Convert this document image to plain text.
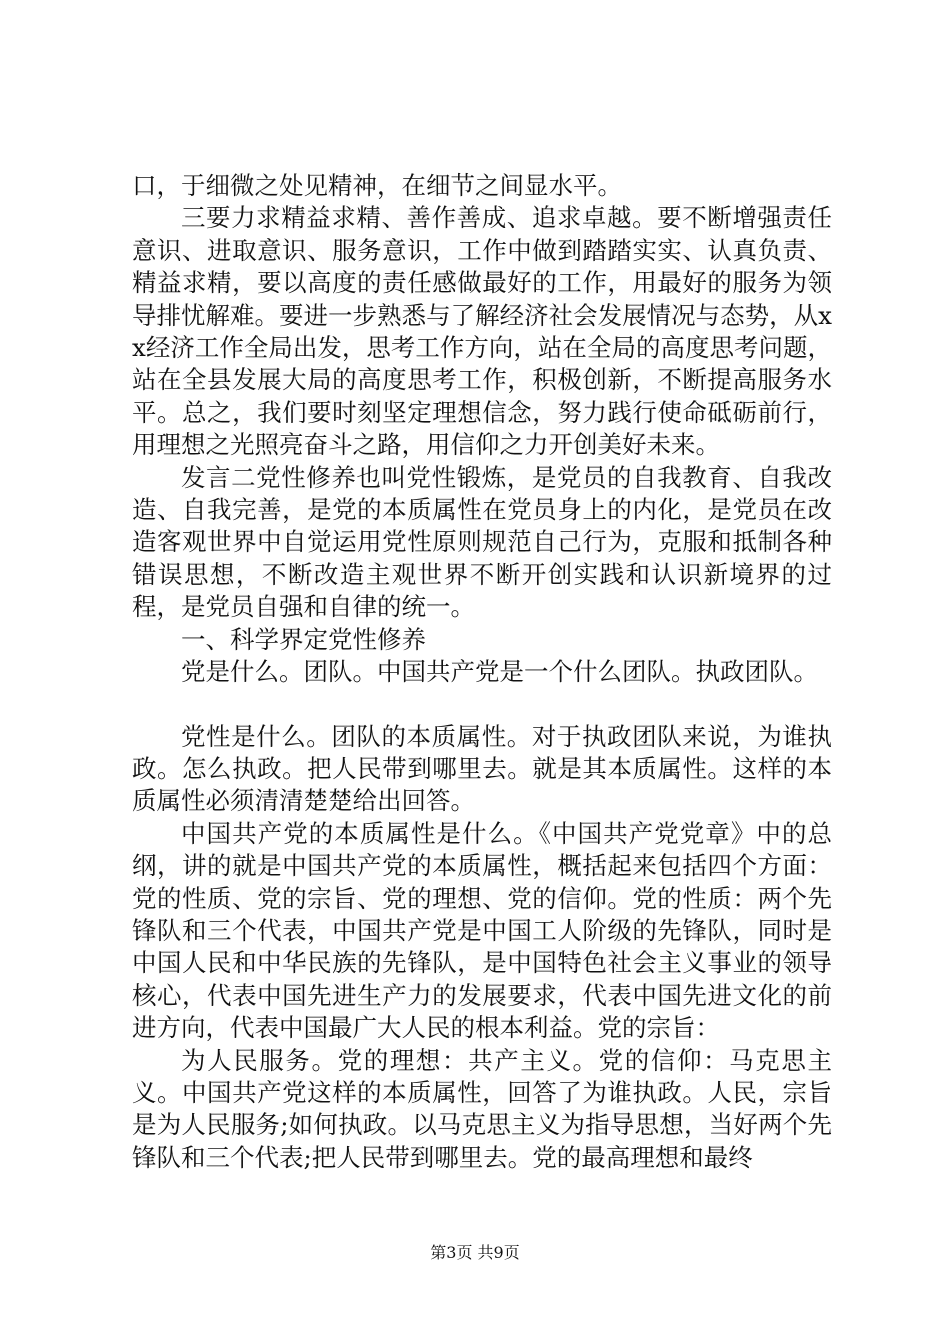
口，于细微之处见精神，在细节之间显水平。

三要力求精益求精、善作善成、追求卓越。要不断增强责任意识、进取意识、服务意识，工作中做到踏踏实实、认真负责、精益求精，要以高度的责任感做最好的工作，用最好的服务为领导排忧解难。要进一步熟悉与了解经济社会发展情况与态势，从xx经济工作全局出发，思考工作方向，站在全局的高度思考问题，站在全县发展大局的高度思考工作，积极创新，不断提高服务水平。总之，我们要时刻坚定理想信念，努力践行使命砥砺前行，用理想之光照亮奋斗之路，用信仰之力开创美好未来。

发言二党性修养也叫党性锻炼，是党员的自我教育、自我改造、自我完善，是党的本质属性在党员身上的内化，是党员在改造客观世界中自觉运用党性原则规范自己行为，克服和抵制各种错误思想，不断改造主观世界不断开创实践和认识新境界的过程，是党员自强和自律的统一。

一、科学界定党性修养

党是什么。团队。中国共产党是一个什么团队。执政团队。

党性是什么。团队的本质属性。对于执政团队来说，为谁执政。怎么执政。把人民带到哪里去。就是其本质属性。这样的本质属性必须清清楚楚给出回答。

中国共产党的本质属性是什么。《中国共产党党章》中的总纲，讲的就是中国共产党的本质属性，概括起来包括四个方面：党的性质、党的宗旨、党的理想、党的信仰。党的性质：两个先锋队和三个代表，中国共产党是中国工人阶级的先锋队，同时是中国人民和中华民族的先锋队，是中国特色社会主义事业的领导核心，代表中国先进生产力的发展要求，代表中国先进文化的前进方向，代表中国最广大人民的根本利益。党的宗旨：

为人民服务。党的理想：共产主义。党的信仰：马克思主义。中国共产党这样的本质属性，回答了为谁执政。人民，宗旨是为人民服务;如何执政。以马克思主义为指导思想，当好两个先锋队和三个代表;把人民带到哪里去。党的最高理想和最终

第3页 共9页
